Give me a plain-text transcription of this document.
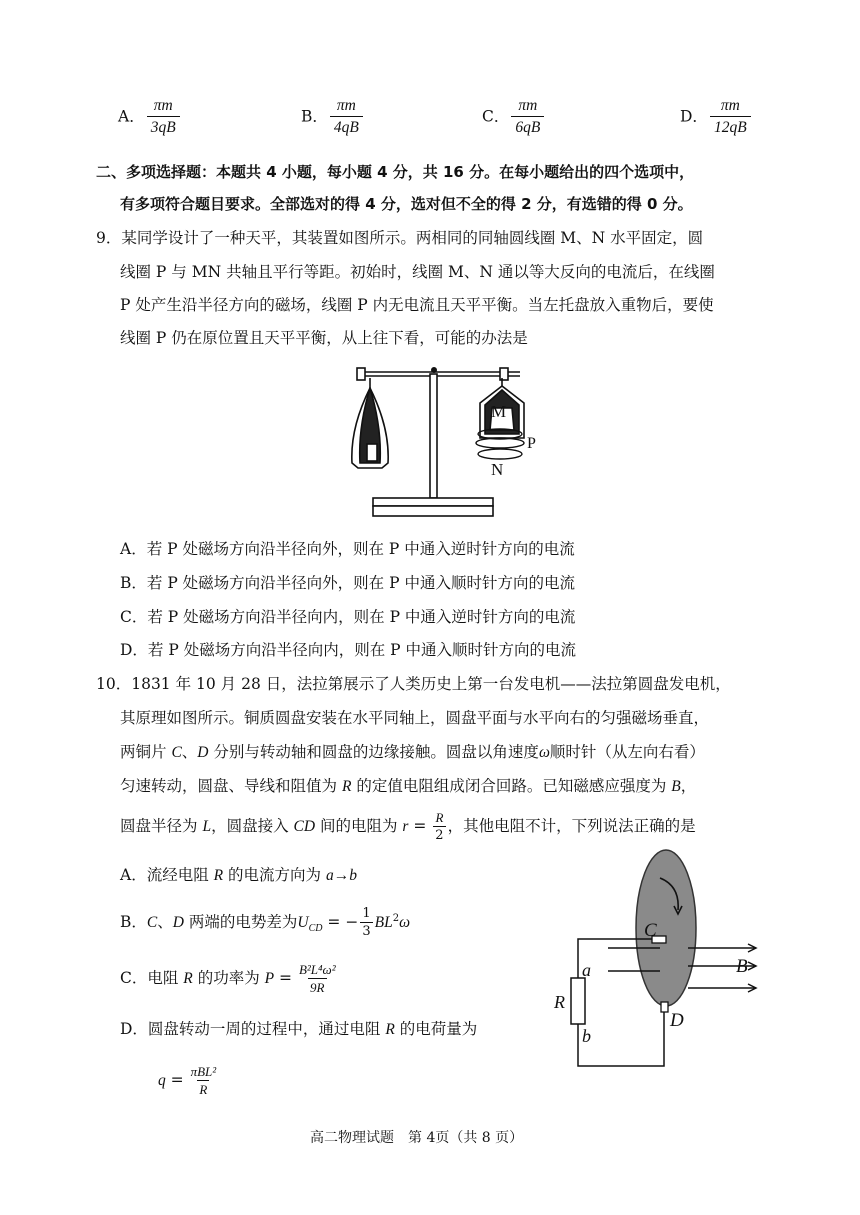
A． $\frac{\pi m}{3qB}$	B． $\frac{\pi m}{4qB}$	C． $\frac{\pi m}{6qB}$	D． $\frac{\pi m}{12qB}$
二、多项选择题：本题共 4 小题，每小题 4 分，共 16 分。在每小题给出的四个选项中，
有多项符合题目要求。全部选对的得 4 分，选对但不全的得 2 分，有选错的得 0 分。
9．某同学设计了一种天平，其装置如图所示。两相同的同轴圆线圈 M、N 水平固定，圆
线圈 P 与 MN 共轴且平行等距。初始时，线圈 M、N 通以等大反向的电流后，在线圈
P 处产生沿半径方向的磁场，线圈 P 内无电流且天平平衡。当左托盘放入重物后，要使
线圈 P 仍在原位置且天平平衡，从上往下看，可能的办法是
M
P
N
A．若 P 处磁场方向沿半径向外，则在 P 中通入逆时针方向的电流
B．若 P 处磁场方向沿半径向外，则在 P 中通入顺时针方向的电流
C．若 P 处磁场方向沿半径向内，则在 P 中通入逆时针方向的电流
D．若 P 处磁场方向沿半径向内，则在 P 中通入顺时针方向的电流
10．1831 年 10 月 28 日，法拉第展示了人类历史上第一台发电机——法拉第圆盘发电机，
其原理如图所示。铜质圆盘安装在水平同轴上，圆盘平面与水平向右的匀强磁场垂直，
两铜片 C、D 分别与转动轴和圆盘的边缘接触。圆盘以角速度ω顺时针（从左向右看）
匀速转动，圆盘、导线和阻值为 R 的定值电阻组成闭合回路。已知磁感应强度为 B，
圆盘半径为 L，圆盘接入 CD 间的电阻为 $r = \frac{R}{2}$ ，其他电阻不计，下列说法正确的是
A．流经电阻 R 的电流方向为 a→b
B．C、D 两端的电势差为$U_{CD}$ = − $\frac{1}{3} BL^2\omega$
C．电阻 R 的功率为 $P = \frac{\text{B²L⁴ω²}}{9R}$
D．圆盘转动一周的过程中，通过电阻 R 的电荷量为
$q = \frac{\text{πBL²}}{R}$
C
D
B
a
b
R
高二物理试题　第 4页（共 8 页）
